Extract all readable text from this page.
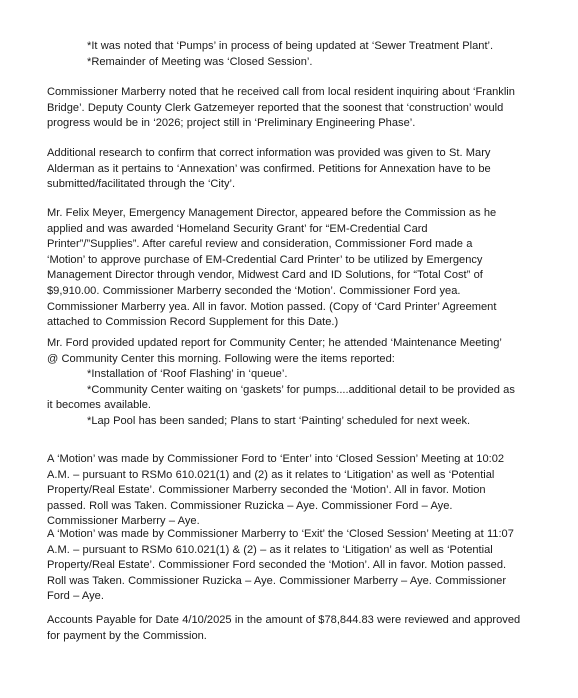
*It was noted that ‘Pumps’ in process of being updated at ‘Sewer Treatment Plant’.
*Remainder of Meeting was ‘Closed Session’.
Commissioner Marberry noted that he received call from local resident inquiring about ‘Franklin
Bridge’. Deputy County Clerk Gatzemeyer reported that the soonest that ‘construction’ would
progress would be in ‘2026; project still in ‘Preliminary Engineering Phase’.
Additional research to confirm that correct information was provided was given to St. Mary
Alderman as it pertains to ‘Annexation’ was confirmed. Petitions for Annexation have to be
submitted/facilitated through the ‘City’.
Mr. Felix Meyer, Emergency Management Director, appeared before the Commission as he
applied and was awarded ‘Homeland Security Grant’ for “EM-Credential Card
Printer”/”Supplies”. After careful review and consideration, Commissioner Ford made a
‘Motion’ to approve purchase of EM-Credential Card Printer’ to be utilized by Emergency
Management Director through vendor, Midwest Card and ID Solutions, for “Total Cost” of
$9,910.00. Commissioner Marberry seconded the ‘Motion’. Commissioner Ford yea.
Commissioner Marberry yea. All in favor. Motion passed. (Copy of ‘Card Printer’ Agreement
attached to Commission Record Supplement for this Date.)
Mr. Ford provided updated report for Community Center; he attended ‘Maintenance Meeting’
@ Community Center this morning. Following were the items reported:
*Installation of ‘Roof Flashing’ in ‘queue’.
*Community Center waiting on ‘gaskets’ for pumps....additional detail to be provided as
it becomes available.
*Lap Pool has been sanded; Plans to start ‘Painting’ scheduled for next week.
A ‘Motion’ was made by Commissioner Ford to ‘Enter’ into ‘Closed Session’ Meeting at 10:02
A.M. – pursuant to RSMo 610.021(1) and (2) as it relates to ‘Litigation’ as well as ‘Potential
Property/Real Estate’. Commissioner Marberry seconded the ‘Motion’. All in favor. Motion
passed. Roll was Taken. Commissioner Ruzicka – Aye. Commissioner Ford – Aye.
Commissioner Marberry – Aye.
A ‘Motion’ was made by Commissioner Marberry to ‘Exit’ the ‘Closed Session’ Meeting at 11:07
A.M. – pursuant to RSMo 610.021(1) & (2) – as it relates to ‘Litigation’ as well as ‘Potential
Property/Real Estate’. Commissioner Ford seconded the ‘Motion’. All in favor. Motion passed.
Roll was Taken. Commissioner Ruzicka – Aye. Commissioner Marberry – Aye. Commissioner
Ford – Aye.
Accounts Payable for Date 4/10/2025 in the amount of $78,844.83 were reviewed and approved
for payment by the Commission.
